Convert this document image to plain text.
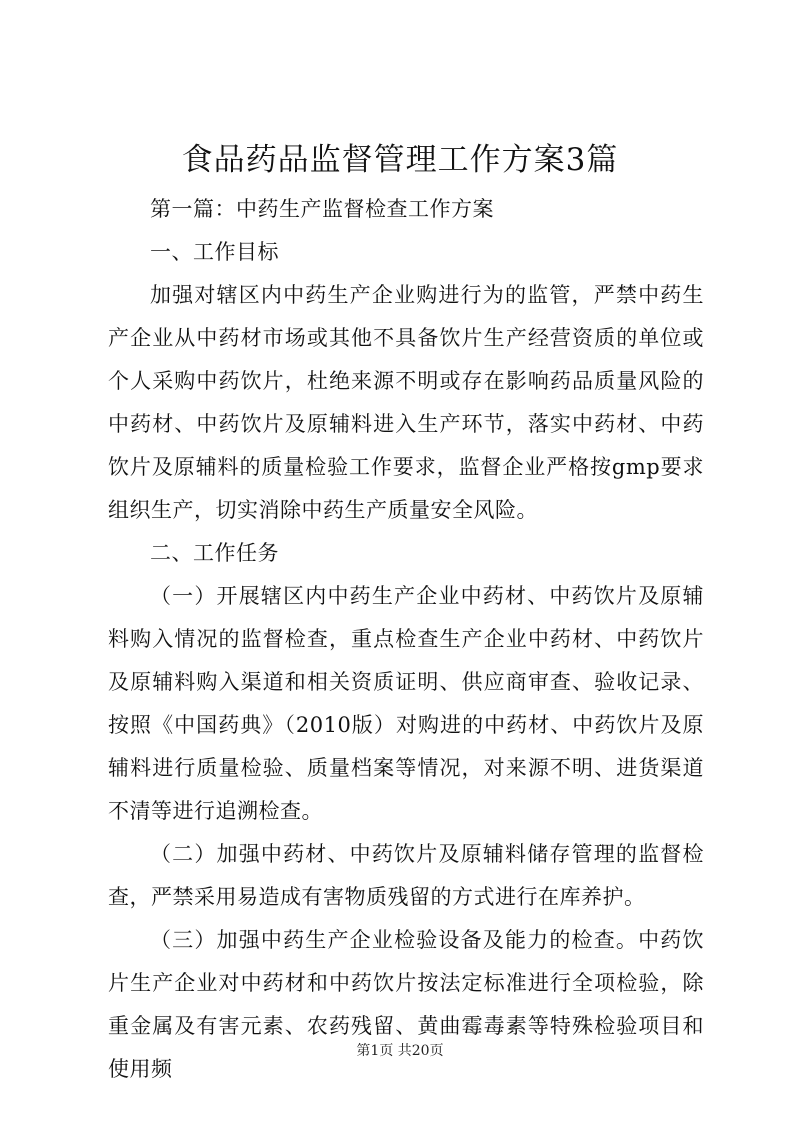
食品药品监督管理工作方案3篇

第一篇：中药生产监督检查工作方案

一、工作目标

加强对辖区内中药生产企业购进行为的监管，严禁中药生产企业从中药材市场或其他不具备饮片生产经营资质的单位或个人采购中药饮片，杜绝来源不明或存在影响药品质量风险的中药材、中药饮片及原辅料进入生产环节，落实中药材、中药饮片及原辅料的质量检验工作要求，监督企业严格按gmp要求组织生产，切实消除中药生产质量安全风险。

二、工作任务

（一）开展辖区内中药生产企业中药材、中药饮片及原辅料购入情况的监督检查，重点检查生产企业中药材、中药饮片及原辅料购入渠道和相关资质证明、供应商审查、验收记录、按照《中国药典》（2010版）对购进的中药材、中药饮片及原辅料进行质量检验、质量档案等情况，对来源不明、进货渠道不清等进行追溯检查。

（二）加强中药材、中药饮片及原辅料储存管理的监督检查，严禁采用易造成有害物质残留的方式进行在库养护。

（三）加强中药生产企业检验设备及能力的检查。中药饮片生产企业对中药材和中药饮片按法定标准进行全项检验，除重金属及有害元素、农药残留、黄曲霉毒素等特殊检验项目和使用频

第1页 共20页
